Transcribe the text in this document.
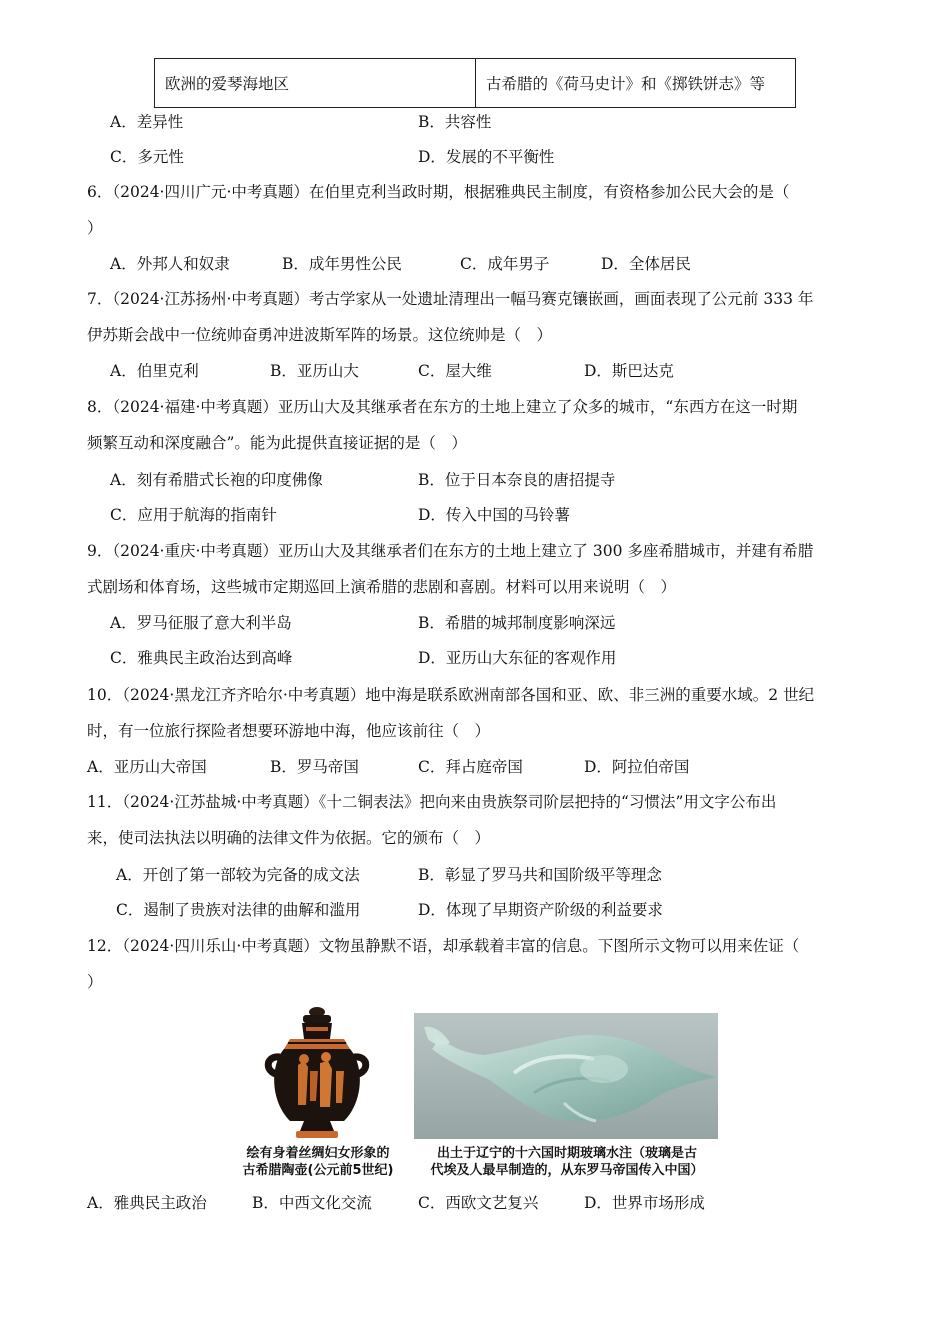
欧洲的爱琴海地区	古希腊的《荷马史计》和《掷铁饼志》等
A．差异性	B．共容性
C．多元性	D．发展的不平衡性
6．（2024·四川广元·中考真题）在伯里克利当政时期，根据雅典民主制度，有资格参加公民大会的是（
）
A．外邦人和奴隶	B．成年男性公民	C．成年男子	D．全体居民
7．（2024·江苏扬州·中考真题）考古学家从一处遗址清理出一幅马赛克镶嵌画，画面表现了公元前 333 年
伊苏斯会战中一位统帅奋勇冲进波斯军阵的场景。这位统帅是（　）
A．伯里克利	B．亚历山大	C．屋大维	D．斯巴达克
8．（2024·福建·中考真题）亚历山大及其继承者在东方的土地上建立了众多的城市，“东西方在这一时期
频繁互动和深度融合”。能为此提供直接证据的是（　）
A．刻有希腊式长袍的印度佛像	B．位于日本奈良的唐招提寺
C．应用于航海的指南针	D．传入中国的马铃薯
9．（2024·重庆·中考真题）亚历山大及其继承者们在东方的土地上建立了 300 多座希腊城市，并建有希腊
式剧场和体育场，这些城市定期巡回上演希腊的悲剧和喜剧。材料可以用来说明（　）
A．罗马征服了意大利半岛	B．希腊的城邦制度影响深远
C．雅典民主政治达到高峰	D．亚历山大东征的客观作用
10．（2024·黑龙江齐齐哈尔·中考真题）地中海是联系欧洲南部各国和亚、欧、非三洲的重要水域。2 世纪
时，有一位旅行探险者想要环游地中海，他应该前往（　）
A．亚历山大帝国	B．罗马帝国	C．拜占庭帝国	D．阿拉伯帝国
11．（2024·江苏盐城·中考真题）《十二铜表法》把向来由贵族祭司阶层把持的“习惯法”用文字公布出
来，使司法执法以明确的法律文件为依据。它的颁布（　）
A．开创了第一部较为完备的成文法	B．彰显了罗马共和国阶级平等理念
C．遏制了贵族对法律的曲解和滥用	D．体现了早期资产阶级的利益要求
12．（2024·四川乐山·中考真题）文物虽静默不语，却承载着丰富的信息。下图所示文物可以用来佐证（
）
绘有身着丝绸妇女形象的
古希腊陶壶(公元前5世纪)
出土于辽宁的十六国时期玻璃水注（玻璃是古
代埃及人最早制造的，从东罗马帝国传入中国）
A．雅典民主政治	B．中西文化交流	C．西欧文艺复兴	D．世界市场形成
